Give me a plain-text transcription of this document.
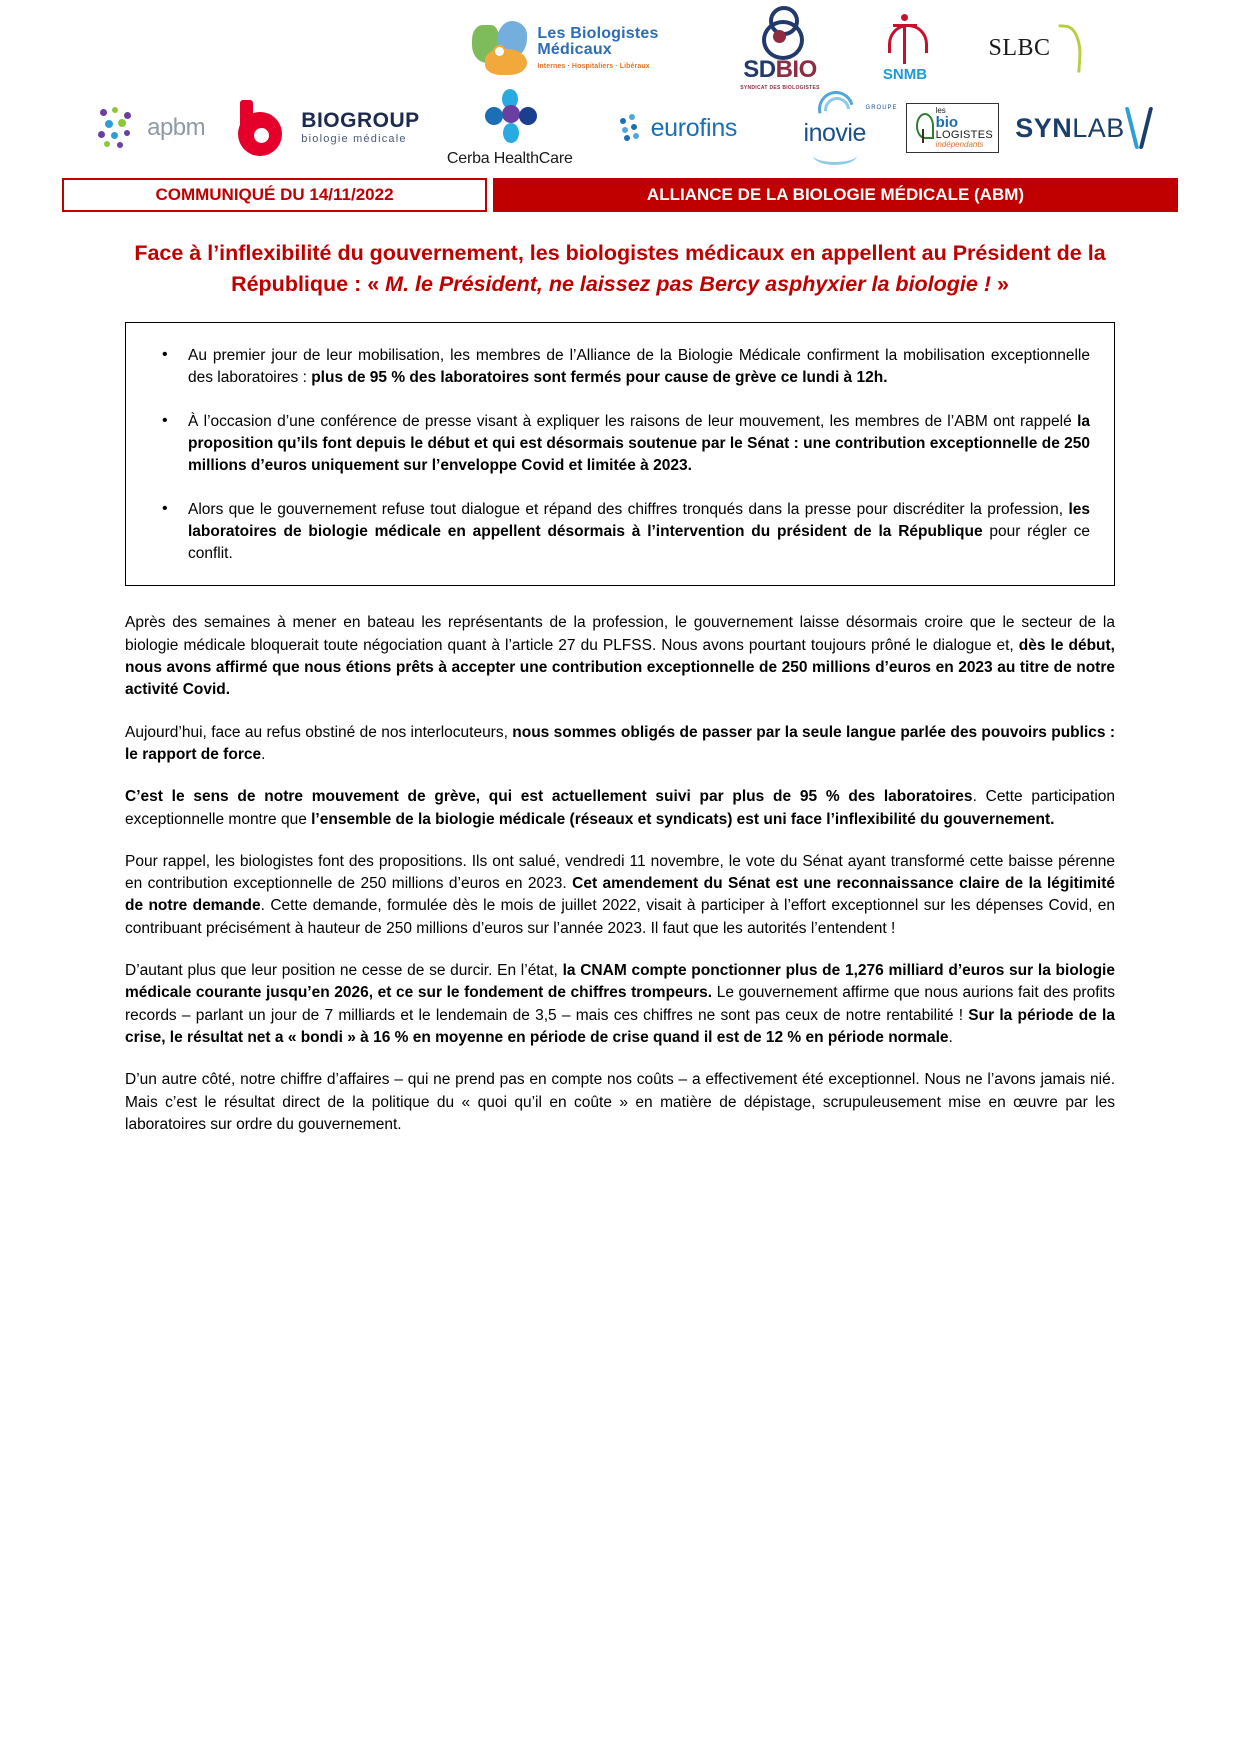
Les Biologistes
Médicaux
Internes · Hospitaliers · Libéraux	SDBIO
SYNDICAT DES BIOLOGISTES
SNMB
SLBC
apbm	BIOGROUP
biologie médicale
Cerba HealthCare
eurofins	inovie
GROUPE	les
bio
LOGISTES
indépendants
SYNLAB
COMMUNIQUÉ DU 14/11/2022	ALLIANCE DE LA BIOLOGIE MÉDICALE (ABM)
Face à l’inflexibilité du gouvernement, les biologistes médicaux en appellent au Président de la République : « M. le Président, ne laissez pas Bercy asphyxier la biologie ! »
• Au premier jour de leur mobilisation, les membres de l’Alliance de la Biologie Médicale confirment la mobilisation exceptionnelle des laboratoires : plus de 95 % des laboratoires sont fermés pour cause de grève ce lundi à 12h.
• À l’occasion d’une conférence de presse visant à expliquer les raisons de leur mouvement, les membres de l’ABM ont rappelé la proposition qu’ils font depuis le début et qui est désormais soutenue par le Sénat : une contribution exceptionnelle de 250 millions d’euros uniquement sur l’enveloppe Covid et limitée à 2023.
• Alors que le gouvernement refuse tout dialogue et répand des chiffres tronqués dans la presse pour discréditer la profession, les laboratoires de biologie médicale en appellent désormais à l’intervention du président de la République pour régler ce conflit.

Après des semaines à mener en bateau les représentants de la profession, le gouvernement laisse désormais croire que le secteur de la biologie médicale bloquerait toute négociation quant à l’article 27 du PLFSS. Nous avons pourtant toujours prôné le dialogue et, dès le début, nous avons affirmé que nous étions prêts à accepter une contribution exceptionnelle de 250 millions d’euros en 2023 au titre de notre activité Covid.

Aujourd’hui, face au refus obstiné de nos interlocuteurs, nous sommes obligés de passer par la seule langue parlée des pouvoirs publics : le rapport de force.

C’est le sens de notre mouvement de grève, qui est actuellement suivi par plus de 95 % des laboratoires. Cette participation exceptionnelle montre que l’ensemble de la biologie médicale (réseaux et syndicats) est uni face l’inflexibilité du gouvernement.

Pour rappel, les biologistes font des propositions. Ils ont salué, vendredi 11 novembre, le vote du Sénat ayant transformé cette baisse pérenne en contribution exceptionnelle de 250 millions d’euros en 2023. Cet amendement du Sénat est une reconnaissance claire de la légitimité de notre demande. Cette demande, formulée dès le mois de juillet 2022, visait à participer à l’effort exceptionnel sur les dépenses Covid, en contribuant précisément à hauteur de 250 millions d’euros sur l’année 2023. Il faut que les autorités l’entendent !

D’autant plus que leur position ne cesse de se durcir. En l’état, la CNAM compte ponctionner plus de 1,276 milliard d’euros sur la biologie médicale courante jusqu’en 2026, et ce sur le fondement de chiffres trompeurs. Le gouvernement affirme que nous aurions fait des profits records – parlant un jour de 7 milliards et le lendemain de 3,5 – mais ces chiffres ne sont pas ceux de notre rentabilité ! Sur la période de la crise, le résultat net a « bondi » à 16 % en moyenne en période de crise quand il est de 12 % en période normale.

D’un autre côté, notre chiffre d’affaires – qui ne prend pas en compte nos coûts – a effectivement été exceptionnel. Nous ne l’avons jamais nié. Mais c’est le résultat direct de la politique du « quoi qu’il en coûte » en matière de dépistage, scrupuleusement mise en œuvre par les laboratoires sur ordre du gouvernement.
